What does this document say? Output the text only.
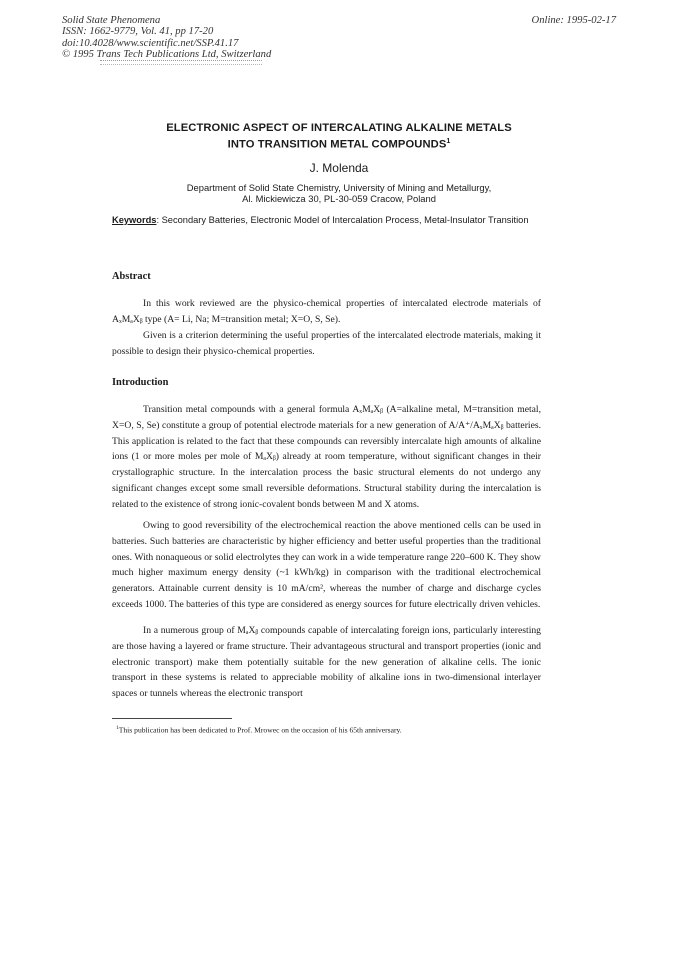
Solid State Phenomena
ISSN: 1662-9779, Vol. 41, pp 17-20
doi:10.4028/www.scientific.net/SSP.41.17
© 1995 Trans Tech Publications Ltd, Switzerland
Online: 1995-02-17
ELECTRONIC ASPECT OF INTERCALATING ALKALINE METALS
INTO TRANSITION METAL COMPOUNDS$^1$
J. Molenda
Department of Solid State Chemistry, University of Mining and Metallurgy,
Al. Mickiewicza 30, PL-30-059 Cracow, Poland
Keywords: Secondary Batteries, Electronic Model of Intercalation Process, Metal-Insulator Transition
Abstract
In this work reviewed are the physico-chemical properties of intercalated electrode materials of AₓMₐXᵦ type (A= Li, Na; M=transition metal; X=O, S, Se).
Given is a criterion determining the useful properties of the intercalated electrode materials, making it possible to design their physico-chemical properties.
Introduction
Transition metal compounds with a general formula AₓMₐXᵦ (A=alkaline metal, M=transition metal, X=O, S, Se) constitute a group of potential electrode materials for a new generation of A/A⁺/AₓMₐXᵦ batteries. This application is related to the fact that these compounds can reversibly intercalate high amounts of alkaline ions (1 or more moles per mole of MₐXᵦ) already at room temperature, without significant changes in their crystallographic structure. In the intercalation process the basic structural elements do not undergo any significant changes except some small reversible deformations. Structural stability during the intercalation is related to the existence of strong ionic-covalent bonds between M and X atoms.
Owing to good reversibility of the electrochemical reaction the above mentioned cells can be used in batteries. Such batteries are characteristic by higher efficiency and better useful properties than the traditional ones. With nonaqueous or solid electrolytes they can work in a wide temperature range 220–600 K. They show much higher maximum energy density (~1 kWh/kg) in comparison with the traditional electrochemical generators. Attainable current density is 10 mA/cm², whereas the number of charge and discharge cycles exceeds 1000. The batteries of this type are considered as energy sources for future electrically driven vehicles.
In a numerous group of MₐXᵦ compounds capable of intercalating foreign ions, particularly interesting are those having a layered or frame structure. Their advantageous structural and transport properties (ionic and electronic transport) make them potentially suitable for the new generation of alkaline cells. The ionic transport in these systems is related to appreciable mobility of alkaline ions in two-dimensional interlayer spaces or tunnels whereas the electronic transport
$^1$This publication has been dedicated to Prof. Mrowec on the occasion of his 65th anniversary.
